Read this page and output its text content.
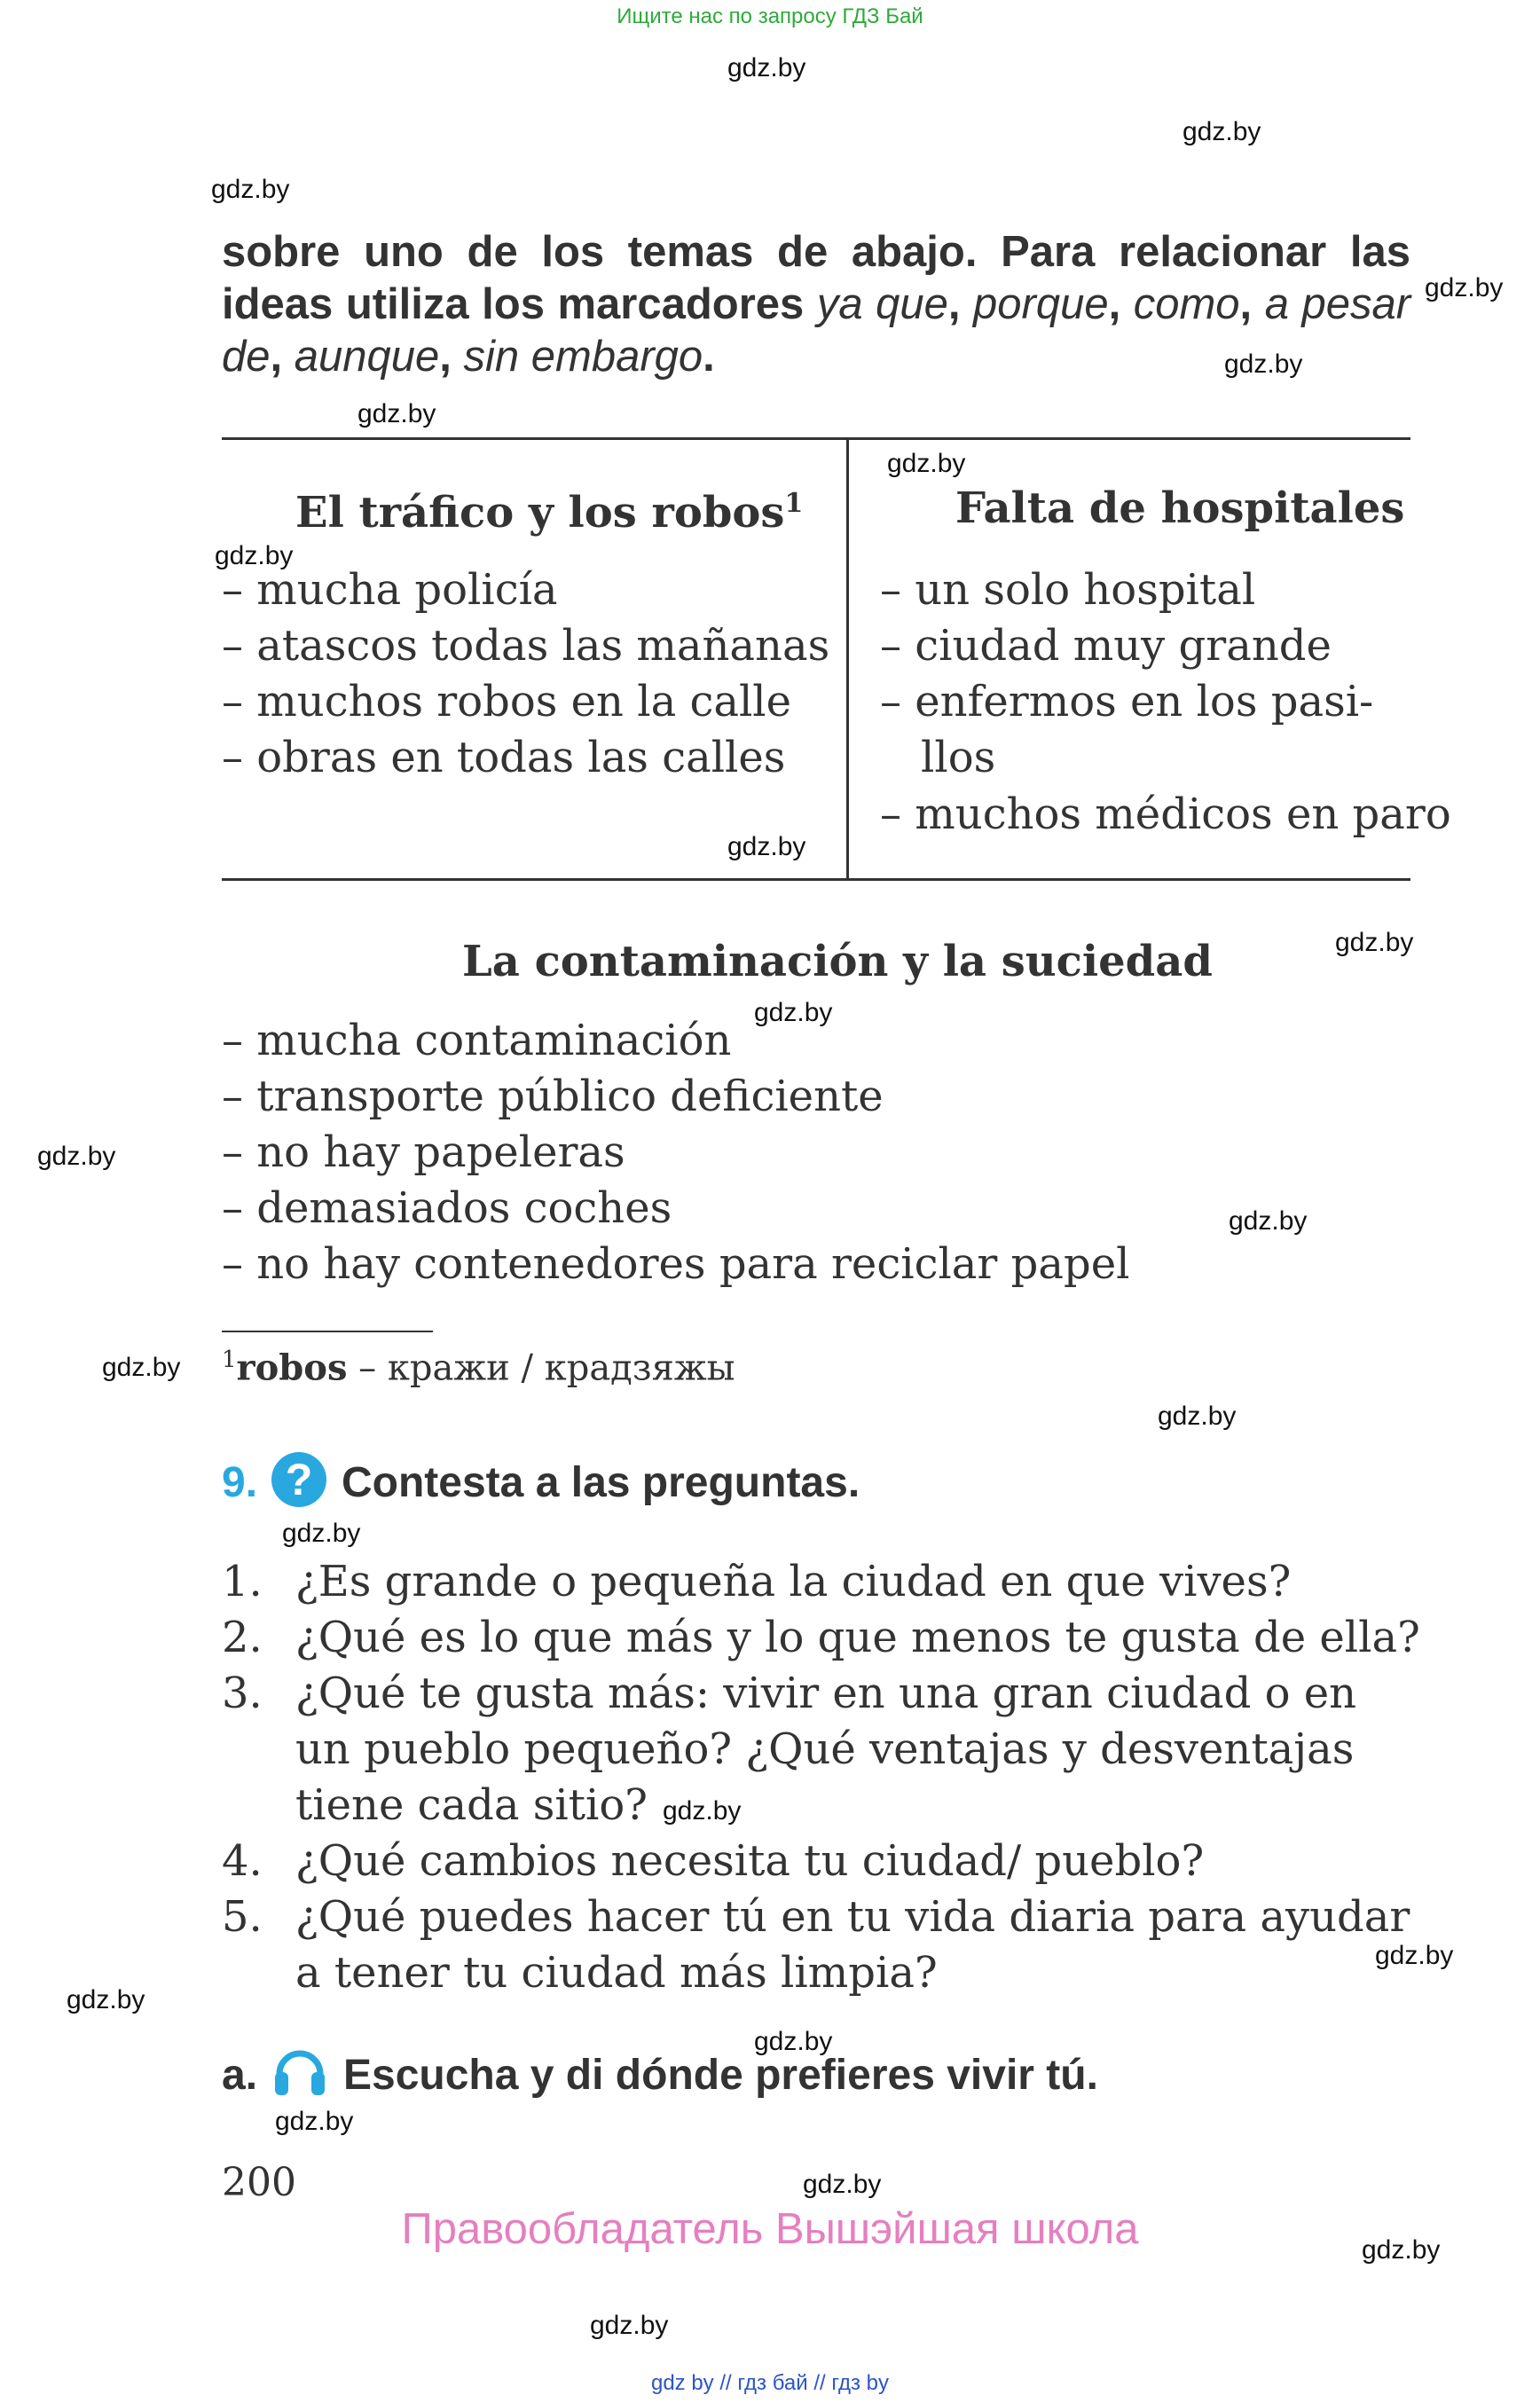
Ищите нас по запросу ГДЗ Бай
gdz.by
gdz.by
gdz.by
gdz.by
gdz.by
gdz.by
gdz.by
gdz.by
gdz.by
gdz.by
gdz.by
gdz.by
gdz.by
gdz.by
gdz.by
gdz.by
gdz.by
gdz.by
gdz.by
gdz.by
gdz.by
gdz.by
gdz.by
gdz.by
sobre uno de los temas de abajo. Para relacionar las ideas utiliza los marcadores ya que, porque, como, a pesar de, aunque, sin embargo.
El tráfico y los robos$^1$
– mucha policía
– atascos todas las mañanas
– muchos robos en la calle
– obras en todas las calles
Falta de hospitales
– un solo hospital
– ciudad muy grande
– enfermos en los pasi-
llos
– muchos médicos en paro
La contaminación y la suciedad
– mucha contaminación
– transporte público deficiente
– no hay papeleras
– demasiados coches
– no hay contenedores para reciclar papel
$^1$robos – кражи / крадзяжы
9. ? Contesta a las preguntas.
1. ¿Es grande o pequeña la ciudad en que vives?
2. ¿Qué es lo que más y lo que menos te gusta de ella?
3. ¿Qué te gusta más: vivir en una gran ciudad o en
un pueblo pequeño? ¿Qué ventajas y desventajas
tiene cada sitio?
4. ¿Qué cambios necesita tu ciudad/ pueblo?
5. ¿Qué puedes hacer tú en tu vida diaria para ayudar
a tener tu ciudad más limpia?
a. Escucha y di dónde prefieres vivir tú.
200
Правообладатель Вышэйшая школа
gdz by // гдз бай // гдз by
